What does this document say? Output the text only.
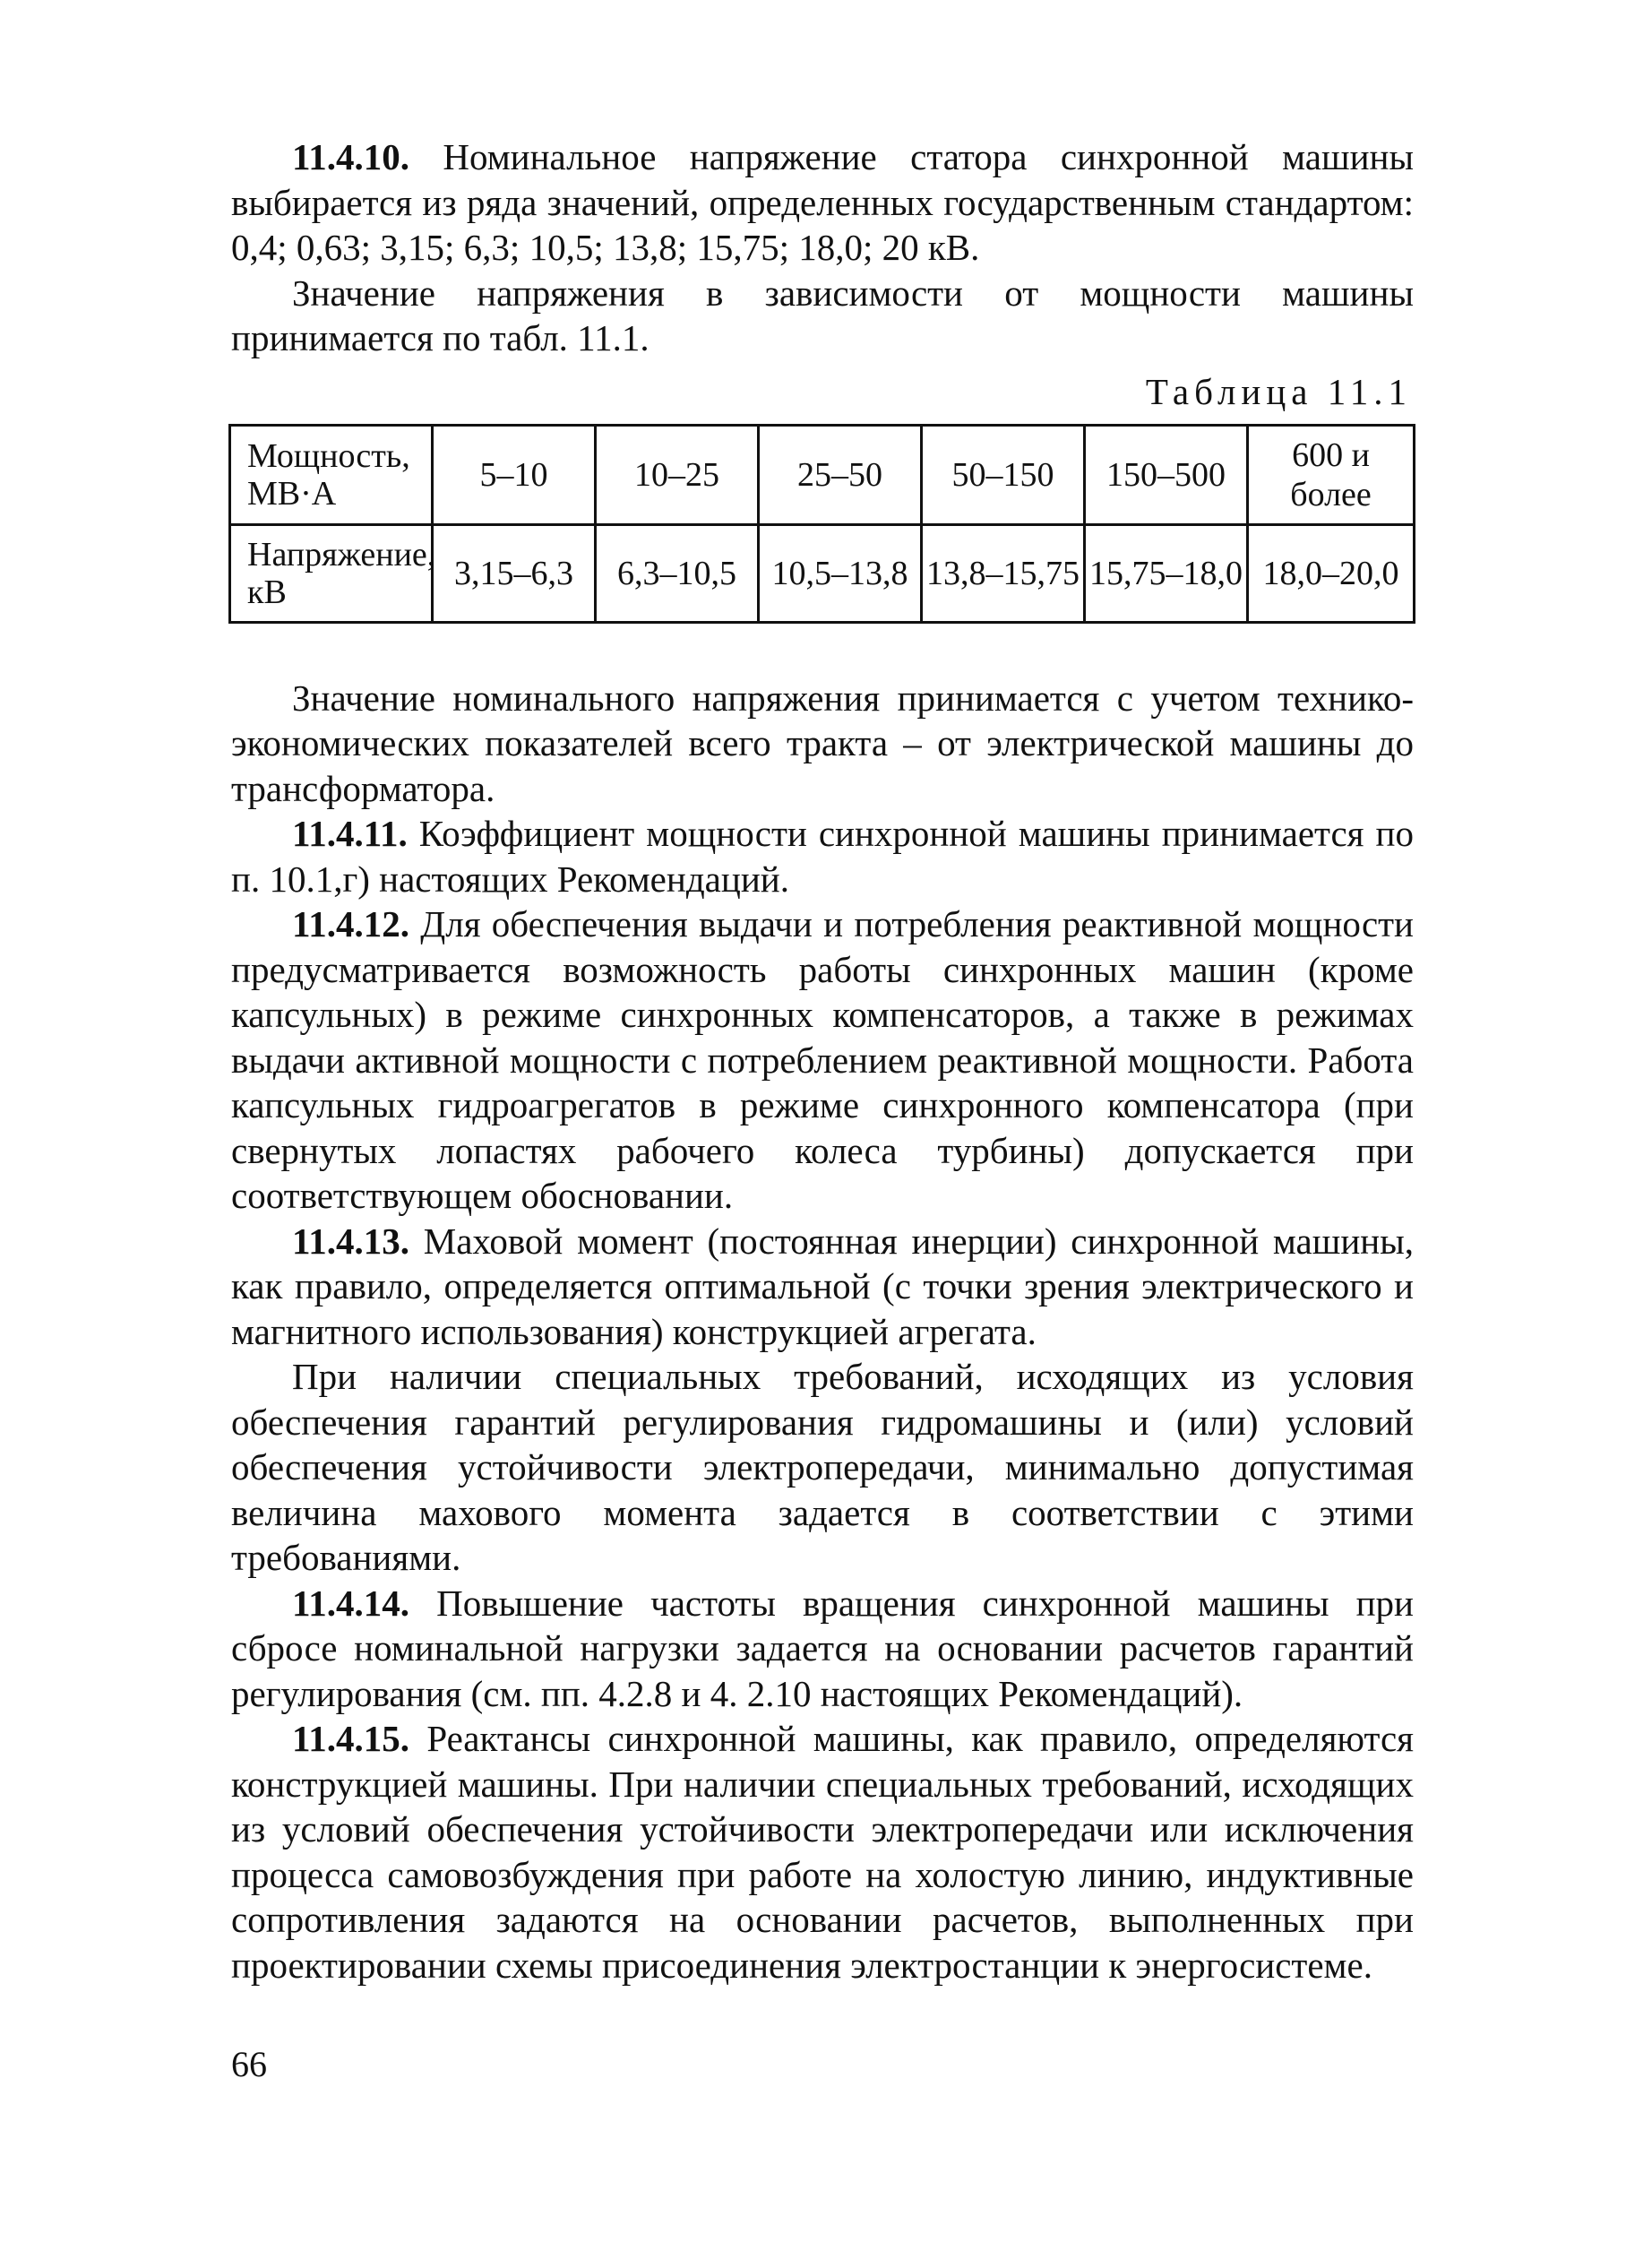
11.4.10. Номинальное напряжение статора синхронной машины выбирается из ряда значений, определенных государственным стандартом: 0,4; 0,63; 3,15; 6,3; 10,5; 13,8; 15,75; 18,0; 20 кВ.

Значение напряжения в зависимости от мощности машины принимается по табл. 11.1.

Таблица 11.1
Мощность, МВ·А	5–10	10–25	25–50	50–150	150–500	600 и более
Напряжение, кВ	3,15–6,3	6,3–10,5	10,5–13,8	13,8–15,75	15,75–18,0	18,0–20,0

Значение номинального напряжения принимается с учетом технико-экономических показателей всего тракта – от электрической машины до трансформатора.

11.4.11. Коэффициент мощности синхронной машины принимается по п. 10.1,г) настоящих Рекомендаций.

11.4.12. Для обеспечения выдачи и потребления реактивной мощности предусматривается возможность работы синхронных машин (кроме капсульных) в режиме синхронных компенсаторов, а также в режимах выдачи активной мощности с потреблением реактивной мощности. Работа капсульных гидроагрегатов в режиме синхронного компенсатора (при свернутых лопастях рабочего колеса турбины) допускается при соответствующем обосновании.

11.4.13. Маховой момент (постоянная инерции) синхронной машины, как правило, определяется оптимальной (с точки зрения электрического и магнитного использования) конструкцией агрегата.

При наличии специальных требований, исходящих из условия обеспечения гарантий регулирования гидромашины и (или) условий обеспечения устойчивости электропередачи, минимально допустимая величина махового момента задается в соответствии с этими требованиями.

11.4.14. Повышение частоты вращения синхронной машины при сбросе номинальной нагрузки задается на основании расчетов гарантий регулирования (см. пп. 4.2.8 и 4. 2.10 настоящих Рекомендаций).

11.4.15. Реактансы синхронной машины, как правило, определяются конструкцией машины. При наличии специальных требований, исходящих из условий обеспечения устойчивости электропередачи или исключения процесса самовозбуждения при работе на холостую линию, индуктивные сопротивления задаются на основании расчетов, выполненных при проектировании схемы присоединения электростанции к энергосистеме.

66
